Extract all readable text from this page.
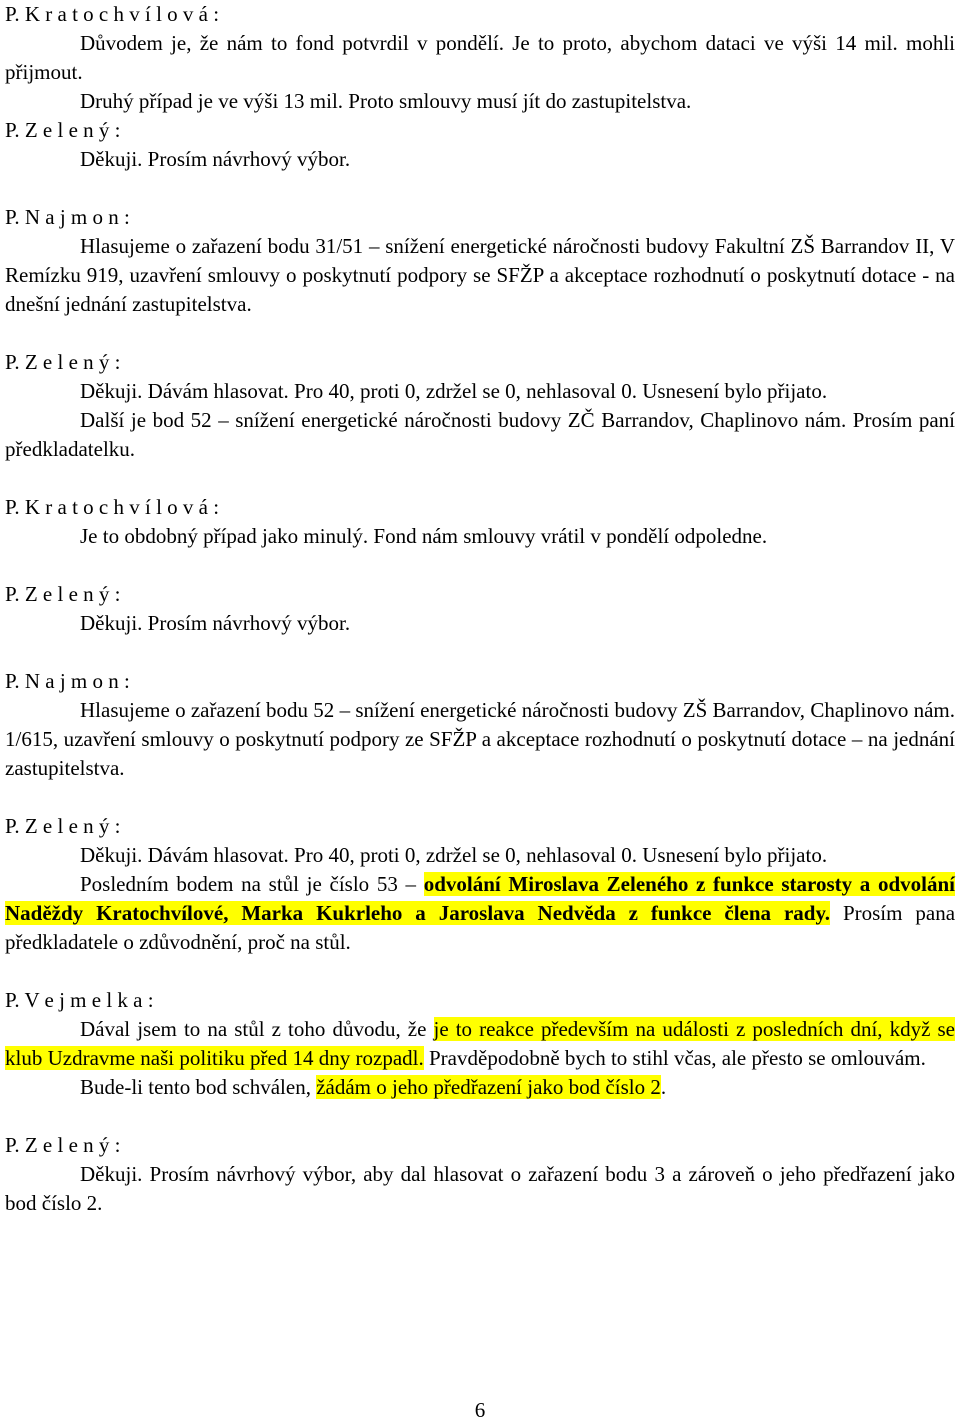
P. K r a t o c h v í l o v á :

Důvodem je, že nám to fond potvrdil v pondělí. Je to proto, abychom dataci ve výši 14 mil. mohli přijmout.

Druhý případ je ve výši 13 mil. Proto smlouvy musí jít do zastupitelstva.

P. Z e l e n ý :

Děkuji. Prosím návrhový výbor.

P. N a j m o n :

Hlasujeme o zařazení bodu 31/51 – snížení energetické náročnosti budovy Fakultní ZŠ Barrandov II, V Remízku 919, uzavření smlouvy o poskytnutí podpory se SFŽP a akceptace rozhodnutí o poskytnutí dotace - na dnešní jednání zastupitelstva.

P. Z e l e n ý :

Děkuji. Dávám hlasovat. Pro 40, proti 0, zdržel se 0, nehlasoval 0. Usnesení bylo přijato.

Další je bod 52 – snížení energetické náročnosti budovy ZČ Barrandov, Chaplinovo nám. Prosím paní předkladatelku.

P. K r a t o c h v í l o v á :

Je to obdobný případ jako minulý. Fond nám smlouvy vrátil v pondělí odpoledne.

P. Z e l e n ý :

Děkuji. Prosím návrhový výbor.

P. N a j m o n :

Hlasujeme o zařazení bodu 52 – snížení energetické náročnosti budovy ZŠ Barrandov, Chaplinovo nám. 1/615, uzavření smlouvy o poskytnutí podpory ze SFŽP a akceptace rozhodnutí o poskytnutí dotace – na jednání zastupitelstva.

P. Z e l e n ý :

Děkuji. Dávám hlasovat. Pro 40, proti 0, zdržel se 0, nehlasoval 0. Usnesení bylo přijato.

Posledním bodem na stůl je číslo 53 – odvolání Miroslava Zeleného z funkce starosty a odvolání Naděždy Kratochvílové, Marka Kukrleho a Jaroslava Nedvěda z funkce člena rady. Prosím pana předkladatele o zdůvodnění, proč na stůl.

P. V e j m e l k a :

Dával jsem to na stůl z toho důvodu, že je to reakce především na události z posledních dní, když se klub Uzdravme naši politiku před 14 dny rozpadl. Pravděpodobně bych to stihl včas, ale přesto se omlouvám.

Bude-li tento bod schválen, žádám o jeho předřazení jako bod číslo 2.

P. Z e l e n ý :

Děkuji. Prosím návrhový výbor, aby dal hlasovat o zařazení bodu 3 a zároveň o jeho předřazení jako bod číslo 2.

6
